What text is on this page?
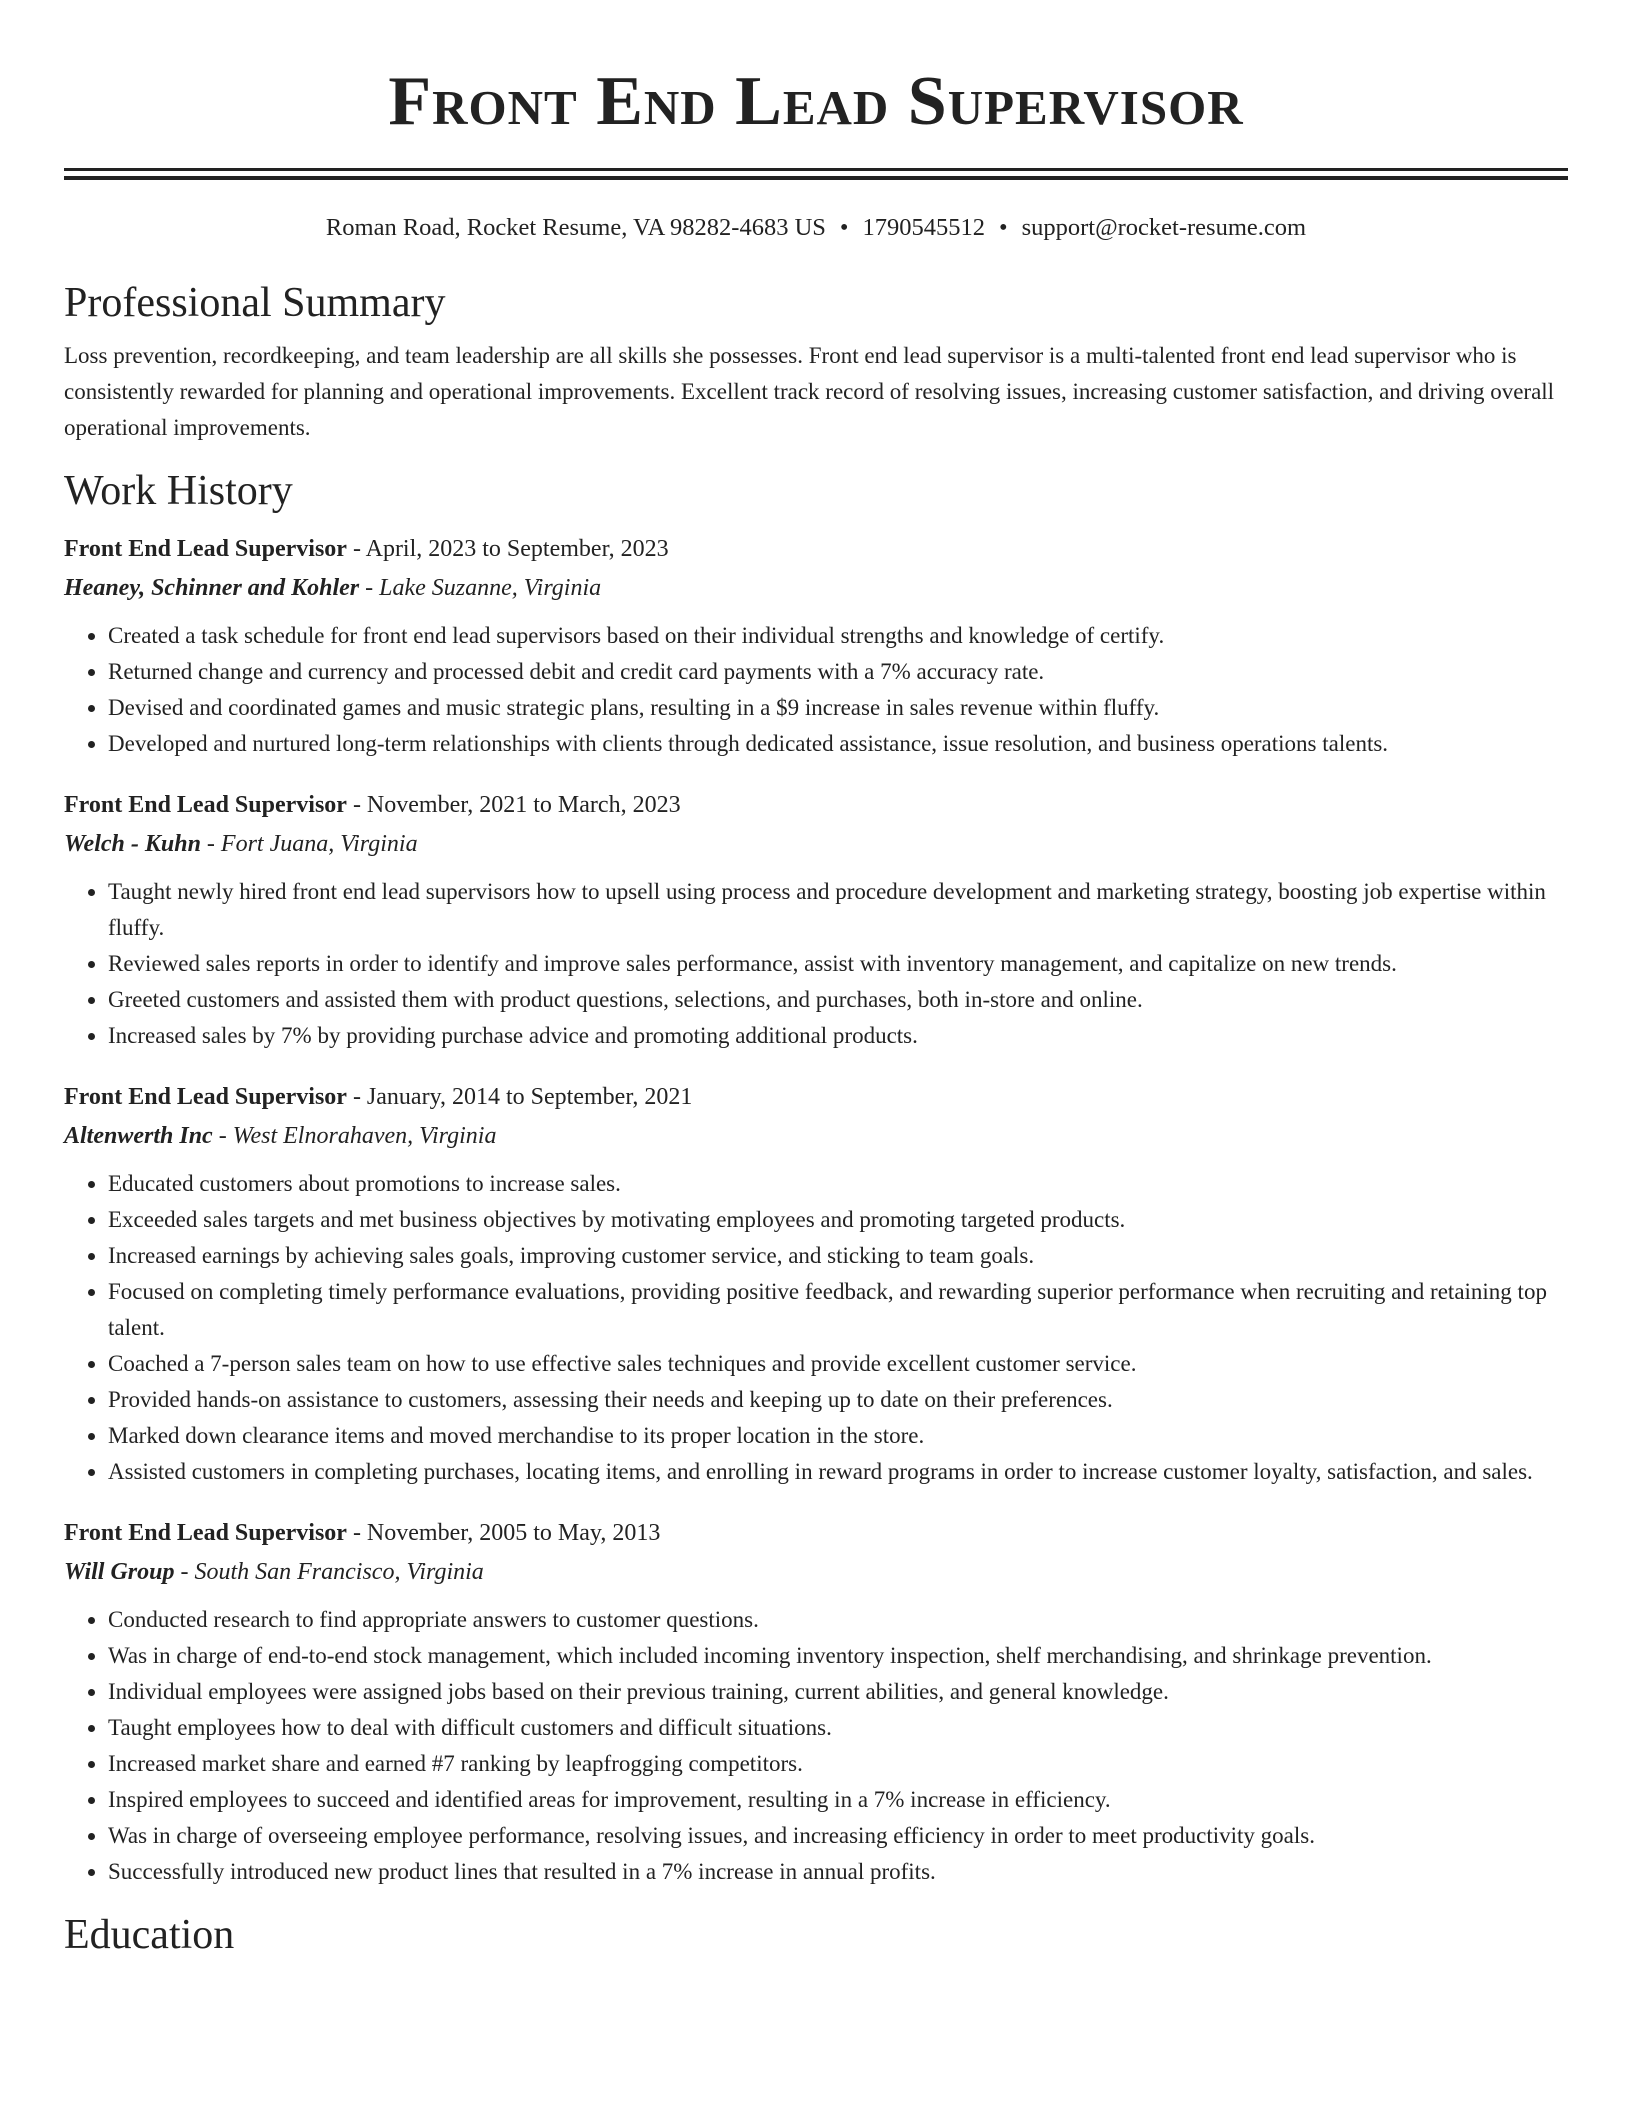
Front End Lead Supervisor
Roman Road, Rocket Resume, VA 98282-4683 US • 1790545512 • support@rocket-resume.com
Professional Summary

Loss prevention, recordkeeping, and team leadership are all skills she possesses. Front end lead supervisor is a multi-talented front end lead supervisor who is consistently rewarded for planning and operational improvements. Excellent track record of resolving issues, increasing customer satisfaction, and driving overall operational improvements.

Work History

Front End Lead Supervisor - April, 2023 to September, 2023

Heaney, Schinner and Kohler - Lake Suzanne, Virginia

• Created a task schedule for front end lead supervisors based on their individual strengths and knowledge of certify.
• Returned change and currency and processed debit and credit card payments with a 7% accuracy rate.
• Devised and coordinated games and music strategic plans, resulting in a $9 increase in sales revenue within fluffy.
• Developed and nurtured long-term relationships with clients through dedicated assistance, issue resolution, and business operations talents.

Front End Lead Supervisor - November, 2021 to March, 2023

Welch - Kuhn - Fort Juana, Virginia

• Taught newly hired front end lead supervisors how to upsell using process and procedure development and marketing strategy, boosting job expertise within fluffy.
• Reviewed sales reports in order to identify and improve sales performance, assist with inventory management, and capitalize on new trends.
• Greeted customers and assisted them with product questions, selections, and purchases, both in-store and online.
• Increased sales by 7% by providing purchase advice and promoting additional products.

Front End Lead Supervisor - January, 2014 to September, 2021

Altenwerth Inc - West Elnorahaven, Virginia

• Educated customers about promotions to increase sales.
• Exceeded sales targets and met business objectives by motivating employees and promoting targeted products.
• Increased earnings by achieving sales goals, improving customer service, and sticking to team goals.
• Focused on completing timely performance evaluations, providing positive feedback, and rewarding superior performance when recruiting and retaining top talent.
• Coached a 7-person sales team on how to use effective sales techniques and provide excellent customer service.
• Provided hands-on assistance to customers, assessing their needs and keeping up to date on their preferences.
• Marked down clearance items and moved merchandise to its proper location in the store.
• Assisted customers in completing purchases, locating items, and enrolling in reward programs in order to increase customer loyalty, satisfaction, and sales.

Front End Lead Supervisor - November, 2005 to May, 2013

Will Group - South San Francisco, Virginia

• Conducted research to find appropriate answers to customer questions.
• Was in charge of end-to-end stock management, which included incoming inventory inspection, shelf merchandising, and shrinkage prevention.
• Individual employees were assigned jobs based on their previous training, current abilities, and general knowledge.
• Taught employees how to deal with difficult customers and difficult situations.
• Increased market share and earned #7 ranking by leapfrogging competitors.
• Inspired employees to succeed and identified areas for improvement, resulting in a 7% increase in efficiency.
• Was in charge of overseeing employee performance, resolving issues, and increasing efficiency in order to meet productivity goals.
• Successfully introduced new product lines that resulted in a 7% increase in annual profits.
Education
